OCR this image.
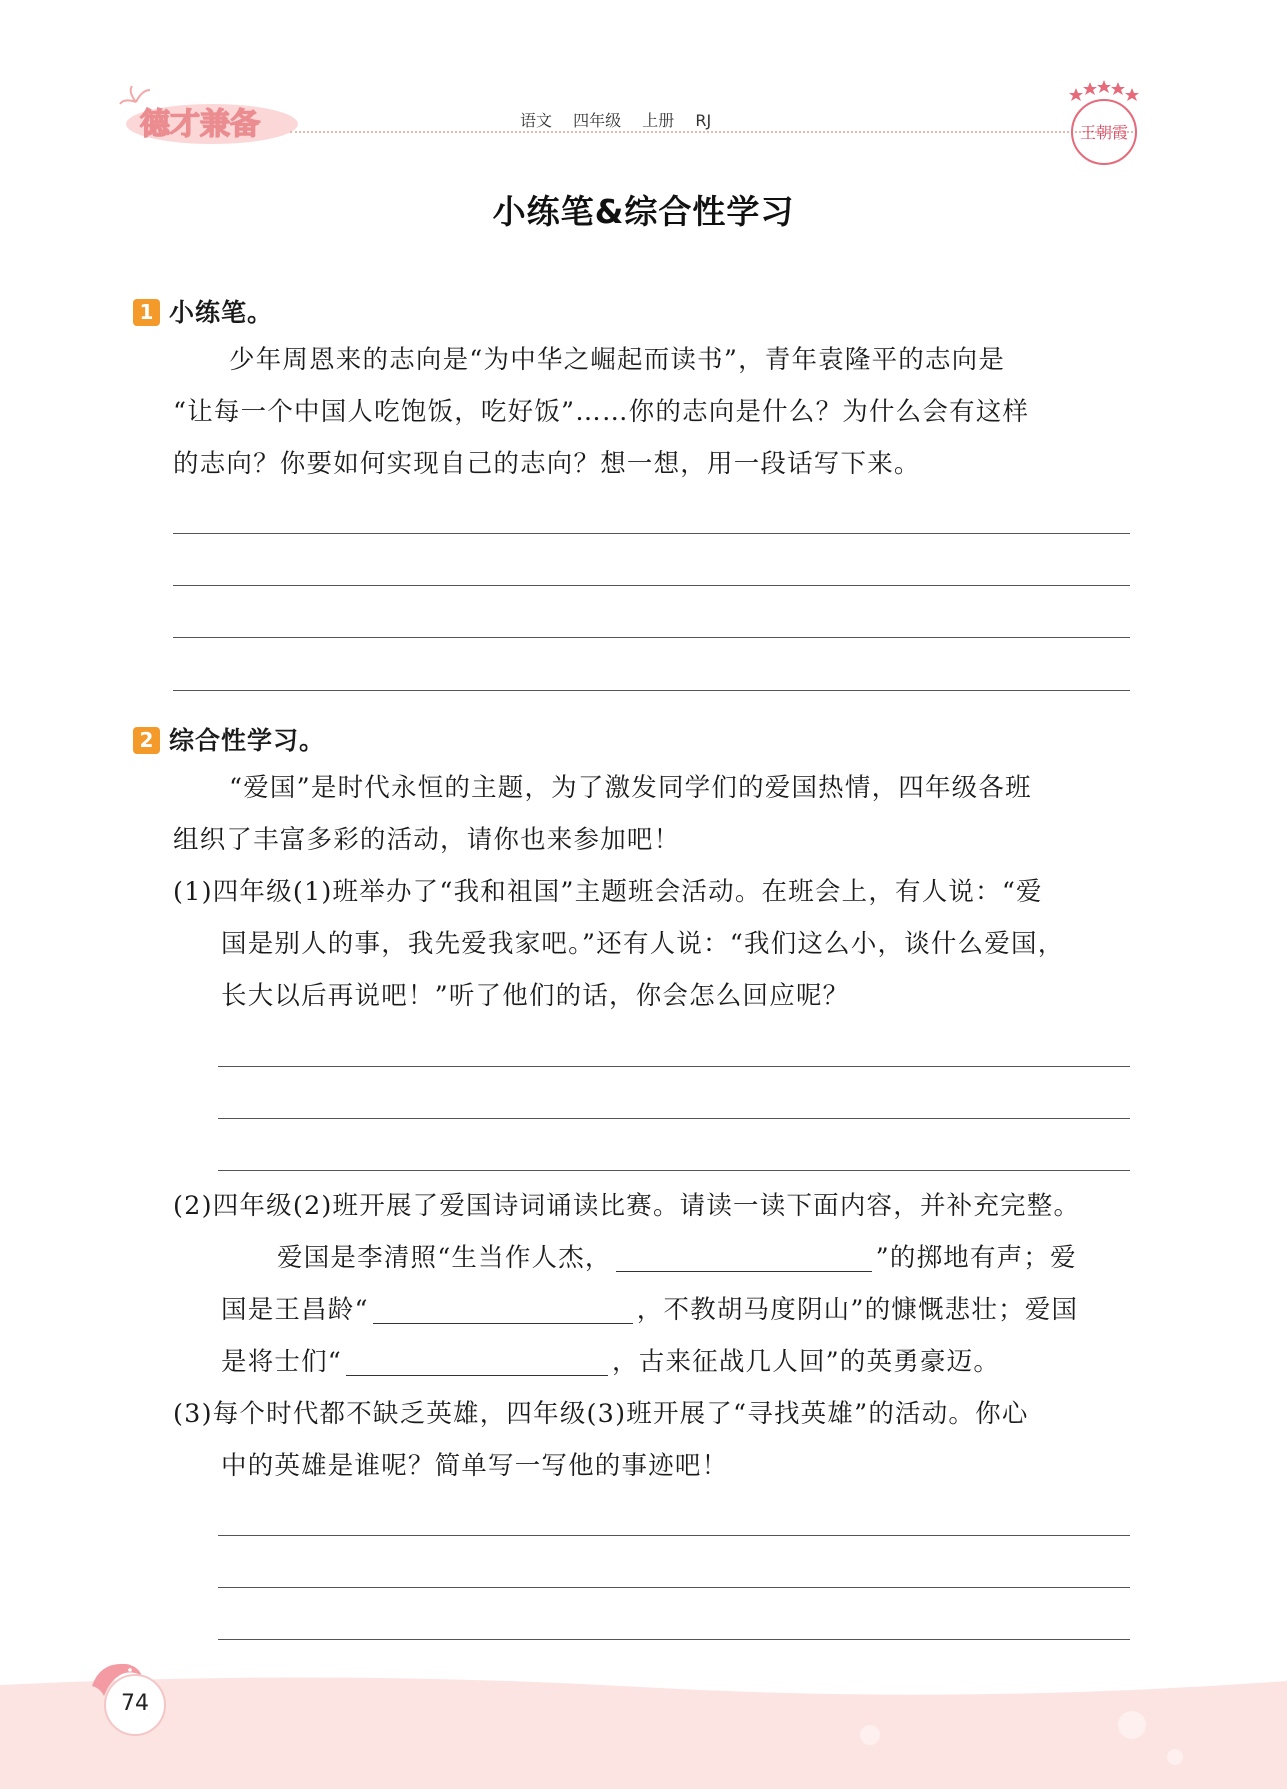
德才兼备	语文 四年级 上册 RJ
王朝霞
小练笔&综合性学习
1 小练笔。

少年周恩来的志向是“为中华之崛起而读书”，青年袁隆平的志向是

“让每一个中国人吃饱饭，吃好饭”……你的志向是什么？为什么会有这样

的志向？你要如何实现自己的志向？想一想，用一段话写下来。

2 综合性学习。

“爱国”是时代永恒的主题，为了激发同学们的爱国热情，四年级各班

组织了丰富多彩的活动，请你也来参加吧！

(1)四年级(1)班举办了“我和祖国”主题班会活动。在班会上，有人说：“爱

国是别人的事，我先爱我家吧。”还有人说：“我们这么小，谈什么爱国，

长大以后再说吧！”听了他们的话，你会怎么回应呢？

(2)四年级(2)班开展了爱国诗词诵读比赛。请读一读下面内容，并补充完整。

爱国是李清照“生当作人杰，	”的掷地有声；爱

国是王昌龄“	，不教胡马度阴山”的慷慨悲壮；爱国

是将士们“	，古来征战几人回”的英勇豪迈。

(3)每个时代都不缺乏英雄，四年级(3)班开展了“寻找英雄”的活动。你心

中的英雄是谁呢？简单写一写他的事迹吧！

74
